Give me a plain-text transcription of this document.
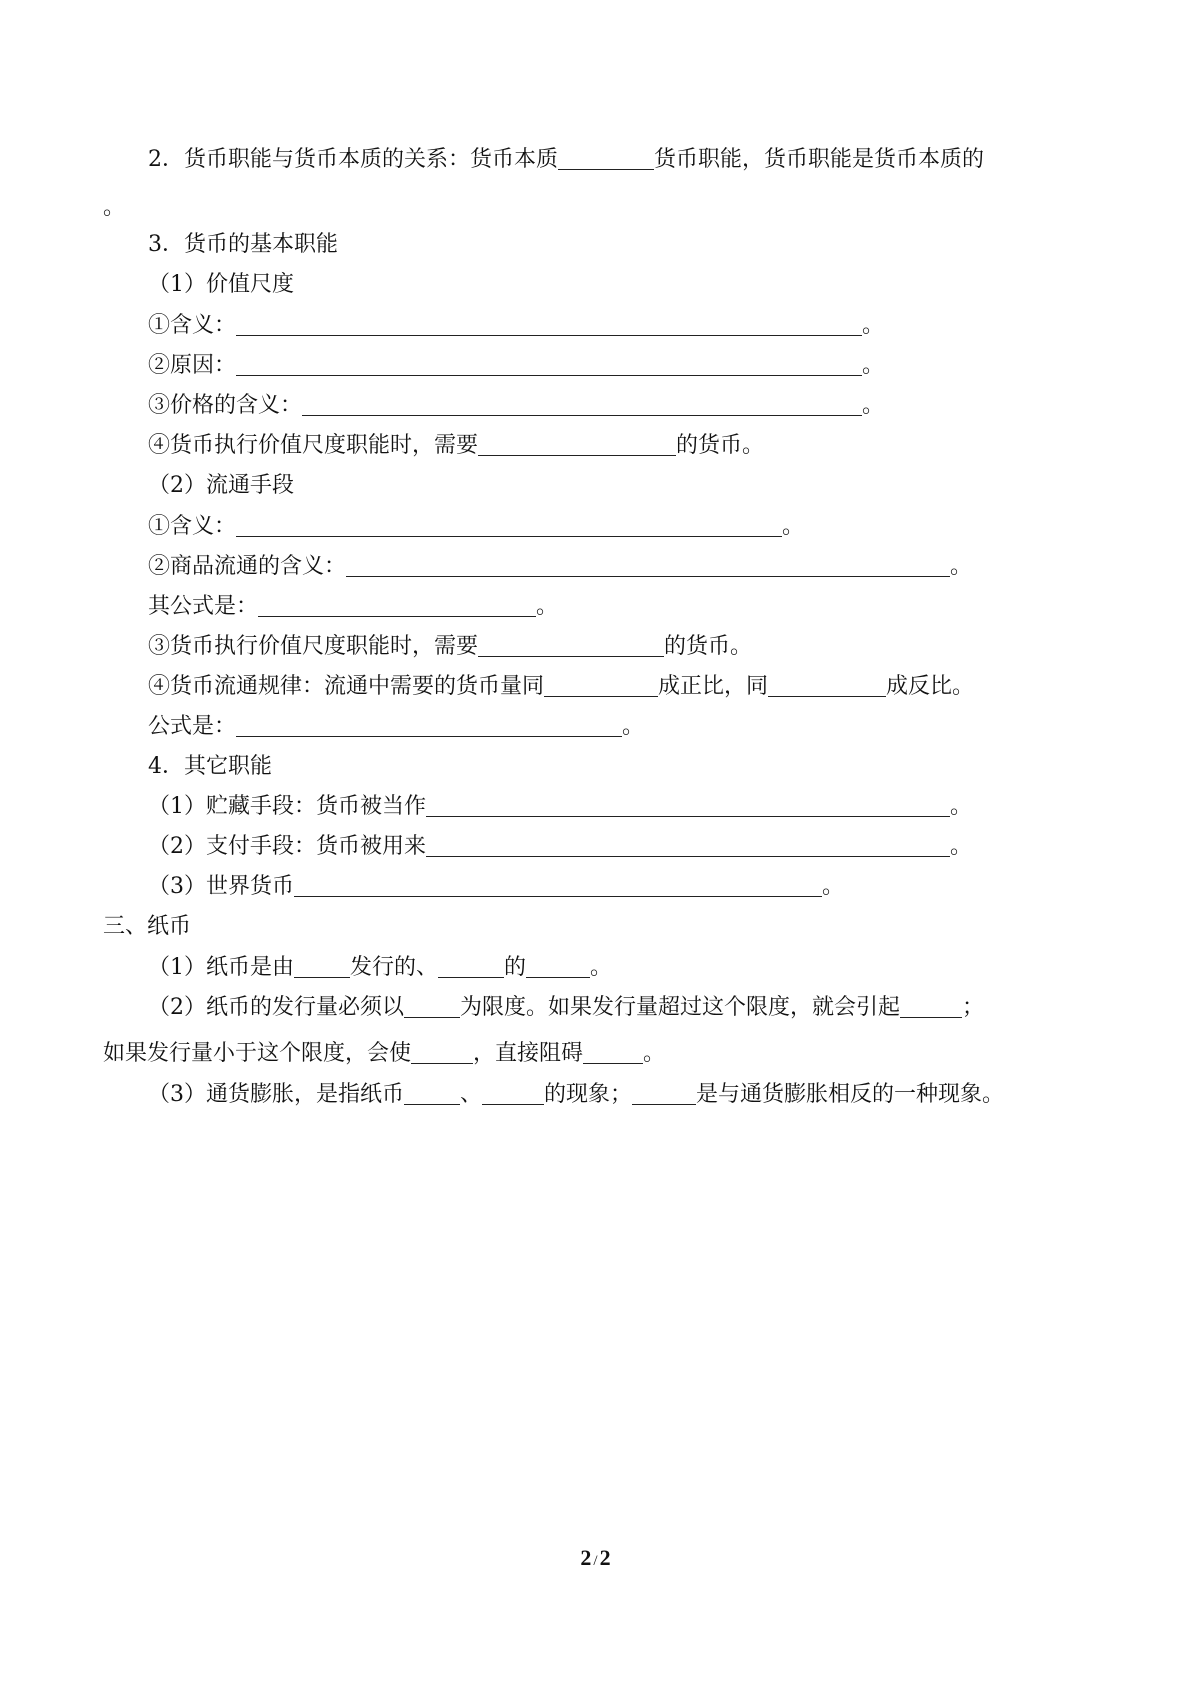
2．货币职能与货币本质的关系：货币本质	货币职能，货币职能是货币本质的
。
3．货币的基本职能
（1）价值尺度
①含义：	。
②原因：	。
③价格的含义：	。
④货币执行价值尺度职能时，需要	的货币。
（2）流通手段
①含义：	。
②商品流通的含义：	。
其公式是：	。
③货币执行价值尺度职能时，需要	的货币。
④货币流通规律：流通中需要的货币量同	成正比，同	成反比。
公式是：	。
4．其它职能
（1）贮藏手段：货币被当作	。
（2）支付手段：货币被用来	。
（3）世界货币	。
三、纸币
（1）纸币是由	发行的、	的	。
（2）纸币的发行量必须以	为限度。如果发行量超过这个限度，就会引起	；
如果发行量小于这个限度，会使	，直接阻碍	。
（3）通货膨胀，是指纸币	、	的现象；	是与通货膨胀相反的一种现象。
2 /2
